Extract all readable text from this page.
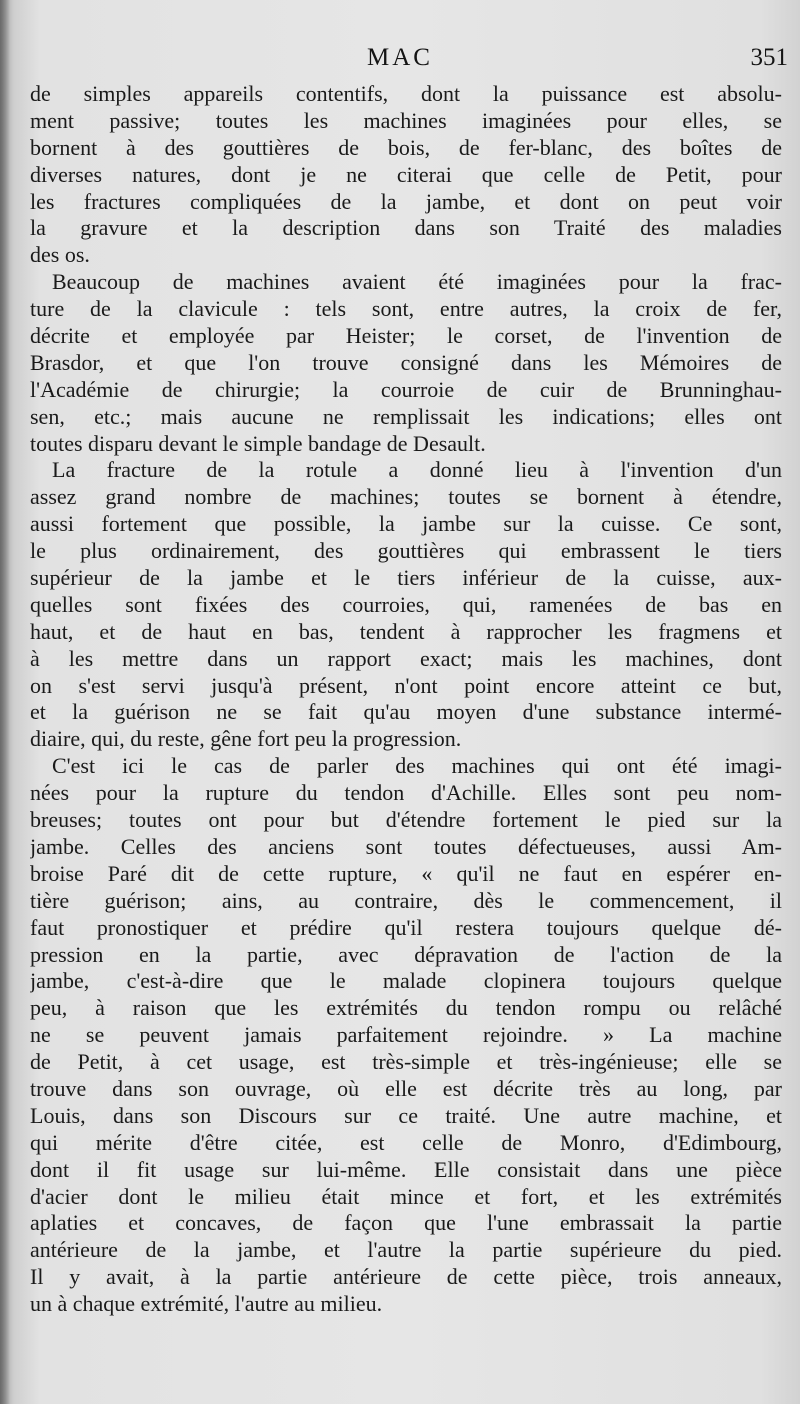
MAC	351
de simples appareils contentifs, dont la puissance est absolu-
ment passive; toutes les machines imaginées pour elles, se
bornent à des gouttières de bois, de fer-blanc, des boîtes de
diverses natures, dont je ne citerai que celle de Petit, pour
les fractures compliquées de la jambe, et dont on peut voir
la gravure et la description dans son Traité des maladies
des os.
Beaucoup de machines avaient été imaginées pour la frac-
ture de la clavicule : tels sont, entre autres, la croix de fer,
décrite et employée par Heister; le corset, de l'invention de
Brasdor, et que l'on trouve consigné dans les Mémoires de
l'Académie de chirurgie; la courroie de cuir de Brunninghau-
sen, etc.; mais aucune ne remplissait les indications; elles ont
toutes disparu devant le simple bandage de Desault.
La fracture de la rotule a donné lieu à l'invention d'un
assez grand nombre de machines; toutes se bornent à étendre,
aussi fortement que possible, la jambe sur la cuisse. Ce sont,
le plus ordinairement, des gouttières qui embrassent le tiers
supérieur de la jambe et le tiers inférieur de la cuisse, aux-
quelles sont fixées des courroies, qui, ramenées de bas en
haut, et de haut en bas, tendent à rapprocher les fragmens et
à les mettre dans un rapport exact; mais les machines, dont
on s'est servi jusqu'à présent, n'ont point encore atteint ce but,
et la guérison ne se fait qu'au moyen d'une substance intermé-
diaire, qui, du reste, gêne fort peu la progression.
C'est ici le cas de parler des machines qui ont été imagi-
nées pour la rupture du tendon d'Achille. Elles sont peu nom-
breuses; toutes ont pour but d'étendre fortement le pied sur la
jambe. Celles des anciens sont toutes défectueuses, aussi Am-
broise Paré dit de cette rupture, « qu'il ne faut en espérer en-
tière guérison; ains, au contraire, dès le commencement, il
faut pronostiquer et prédire qu'il restera toujours quelque dé-
pression en la partie, avec dépravation de l'action de la
jambe, c'est-à-dire que le malade clopinera toujours quelque
peu, à raison que les extrémités du tendon rompu ou relâché
ne se peuvent jamais parfaitement rejoindre. » La machine
de Petit, à cet usage, est très-simple et très-ingénieuse; elle se
trouve dans son ouvrage, où elle est décrite très au long, par
Louis, dans son Discours sur ce traité. Une autre machine, et
qui mérite d'être citée, est celle de Monro, d'Edimbourg,
dont il fit usage sur lui-même. Elle consistait dans une pièce
d'acier dont le milieu était mince et fort, et les extrémités
aplaties et concaves, de façon que l'une embrassait la partie
antérieure de la jambe, et l'autre la partie supérieure du pied.
Il y avait, à la partie antérieure de cette pièce, trois anneaux,
un à chaque extrémité, l'autre au milieu.
